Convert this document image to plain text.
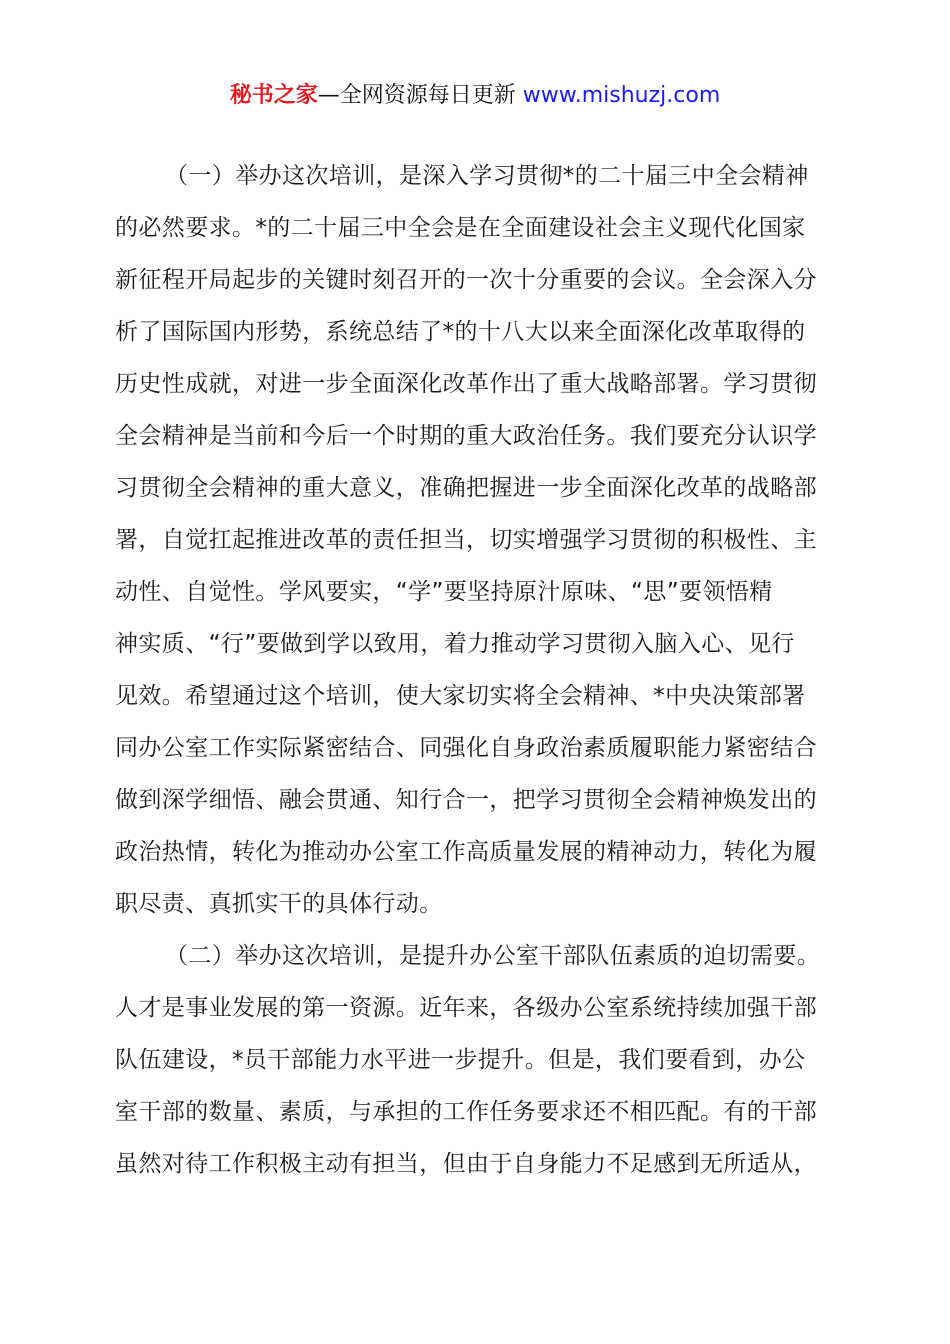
秘书之家—全网资源每日更新 www.mishuzj.com
（一）举办这次培训，是深入学习贯彻*的二十届三中全会精神
的必然要求。*的二十届三中全会是在全面建设社会主义现代化国家
新征程开局起步的关键时刻召开的一次十分重要的会议。全会深入分
析了国际国内形势，系统总结了*的十八大以来全面深化改革取得的
历史性成就，对进一步全面深化改革作出了重大战略部署。学习贯彻
全会精神是当前和今后一个时期的重大政治任务。我们要充分认识学
习贯彻全会精神的重大意义，准确把握进一步全面深化改革的战略部
署，自觉扛起推进改革的责任担当，切实增强学习贯彻的积极性、主
动性、自觉性。学风要实，“学”要坚持原汁原味、“思”要领悟精
神实质、“行”要做到学以致用，着力推动学习贯彻入脑入心、见行
见效。希望通过这个培训，使大家切实将全会精神、*中央决策部署
同办公室工作实际紧密结合、同强化自身政治素质履职能力紧密结合
做到深学细悟、融会贯通、知行合一，把学习贯彻全会精神焕发出的
政治热情，转化为推动办公室工作高质量发展的精神动力，转化为履
职尽责、真抓实干的具体行动。
（二）举办这次培训，是提升办公室干部队伍素质的迫切需要。
人才是事业发展的第一资源。近年来，各级办公室系统持续加强干部
队伍建设，*员干部能力水平进一步提升。但是，我们要看到，办公
室干部的数量、素质，与承担的工作任务要求还不相匹配。有的干部
虽然对待工作积极主动有担当，但由于自身能力不足感到无所适从，
